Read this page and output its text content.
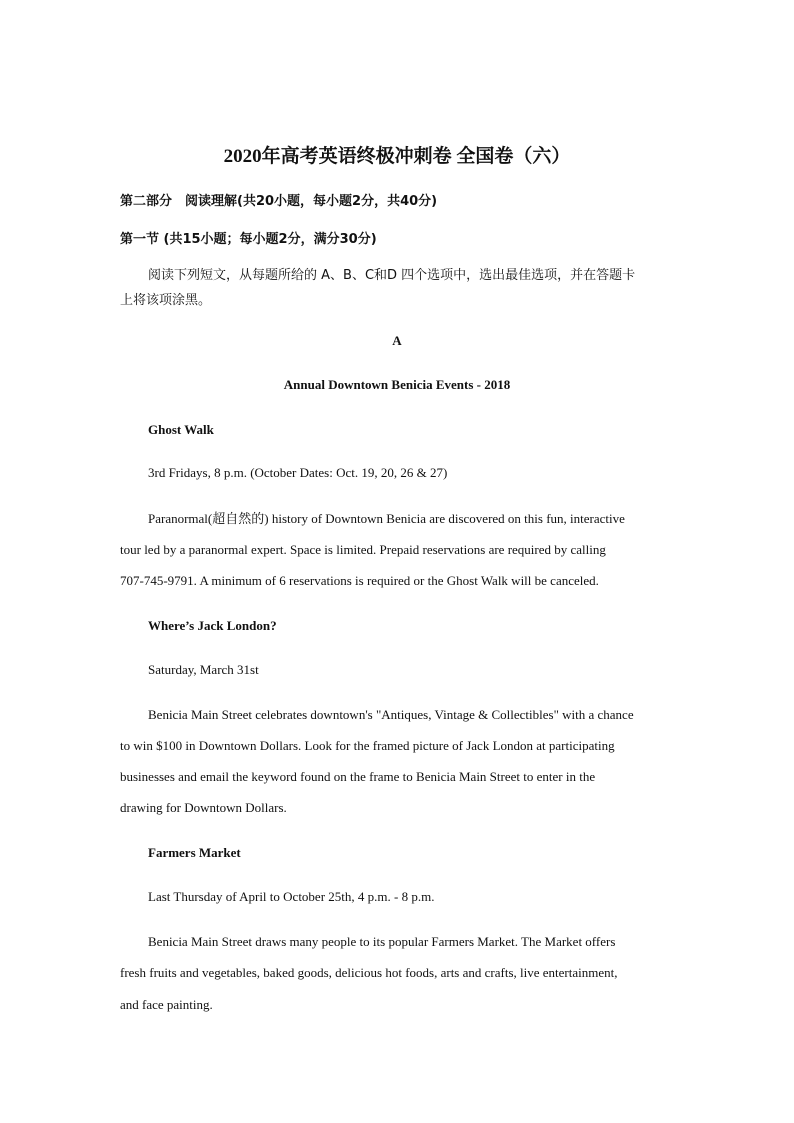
2020年高考英语终极冲刺卷 全国卷（六）
第二部分　阅读理解(共20小题，每小题2分，共40分)
第一节 (共15小题；每小题2分，满分30分)
阅读下列短文，从每题所给的 A、B、C和D 四个选项中，选出最佳选项，并在答题卡
上将该项涂黑。
A
Annual Downtown Benicia Events - 2018
Ghost Walk
3rd Fridays, 8 p.m. (October Dates: Oct. 19, 20, 26 & 27)
Paranormal(超自然的) history of Downtown Benicia are discovered on this fun, interactive
tour led by a paranormal expert. Space is limited. Prepaid reservations are required by calling
707-745-9791. A minimum of 6 reservations is required or the Ghost Walk will be canceled.
Where’s Jack London?
Saturday, March 31st
Benicia Main Street celebrates downtown's "Antiques, Vintage & Collectibles" with a chance
to win $100 in Downtown Dollars. Look for the framed picture of Jack London at participating
businesses and email the keyword found on the frame to Benicia Main Street to enter in the
drawing for Downtown Dollars.
Farmers Market
Last Thursday of April to October 25th, 4 p.m. - 8 p.m.
Benicia Main Street draws many people to its popular Farmers Market. The Market offers
fresh fruits and vegetables, baked goods, delicious hot foods, arts and crafts, live entertainment,
and face painting.
